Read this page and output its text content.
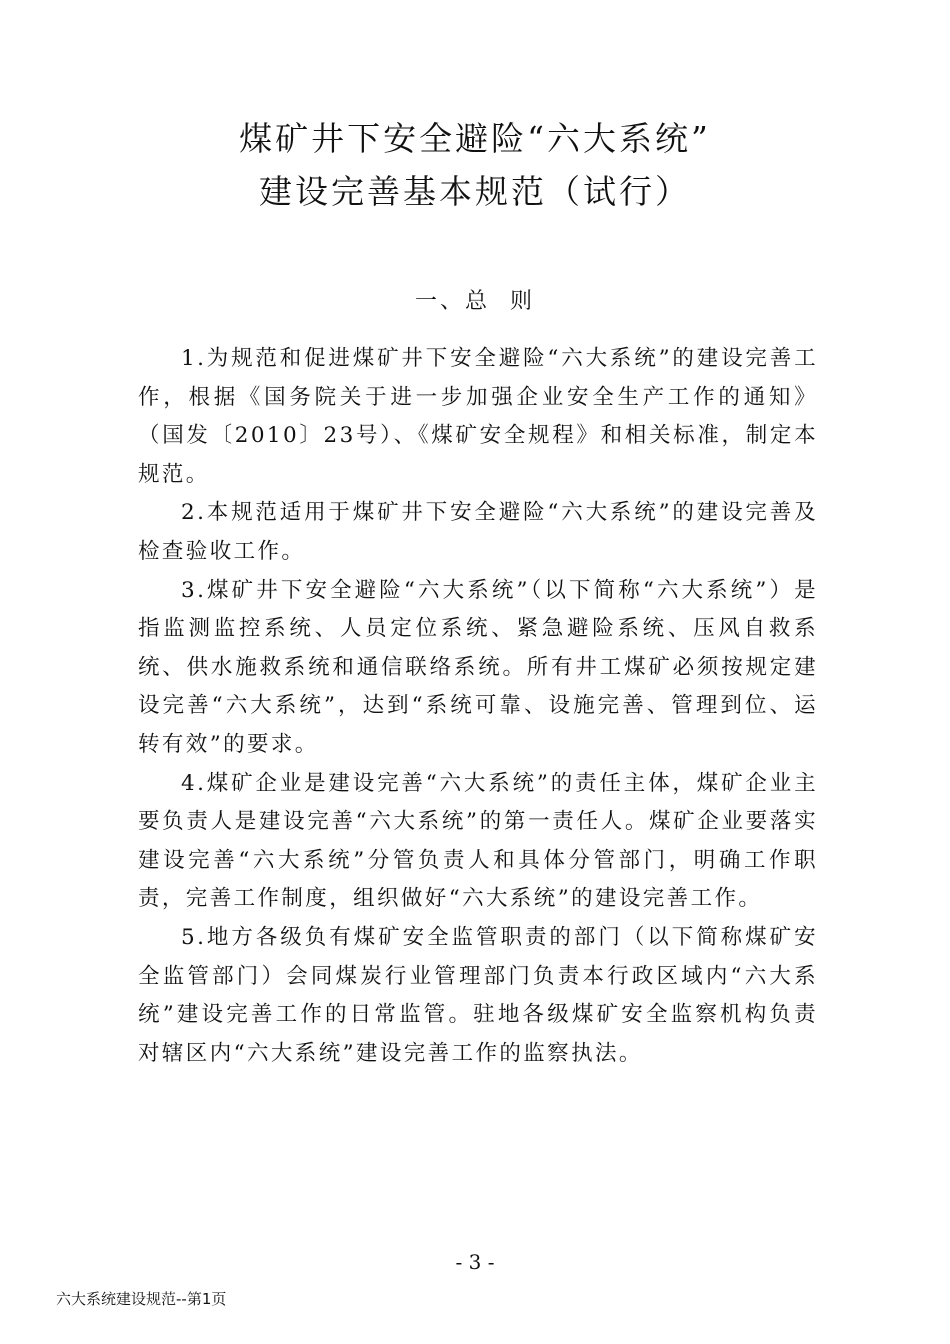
煤矿井下安全避险“六大系统”
建设完善基本规范（试行）
一、总  则

1.为规范和促进煤矿井下安全避险“六大系统”的建设完善工作，根据《国务院关于进一步加强企业安全生产工作的通知》（国发〔2010〕23号）、《煤矿安全规程》和相关标准，制定本规范。

2.本规范适用于煤矿井下安全避险“六大系统”的建设完善及检查验收工作。

3.煤矿井下安全避险“六大系统”（以下简称“六大系统”）是指监测监控系统、人员定位系统、紧急避险系统、压风自救系统、供水施救系统和通信联络系统。所有井工煤矿必须按规定建设完善“六大系统”，达到“系统可靠、设施完善、管理到位、运转有效”的要求。

4.煤矿企业是建设完善“六大系统”的责任主体，煤矿企业主要负责人是建设完善“六大系统”的第一责任人。煤矿企业要落实建设完善“六大系统”分管负责人和具体分管部门，明确工作职责，完善工作制度，组织做好“六大系统”的建设完善工作。

5.地方各级负有煤矿安全监管职责的部门（以下简称煤矿安全监管部门）会同煤炭行业管理部门负责本行政区域内“六大系统”建设完善工作的日常监管。驻地各级煤矿安全监察机构负责对辖区内“六大系统”建设完善工作的监察执法。

- 3 -
六大系统建设规范--第1页
